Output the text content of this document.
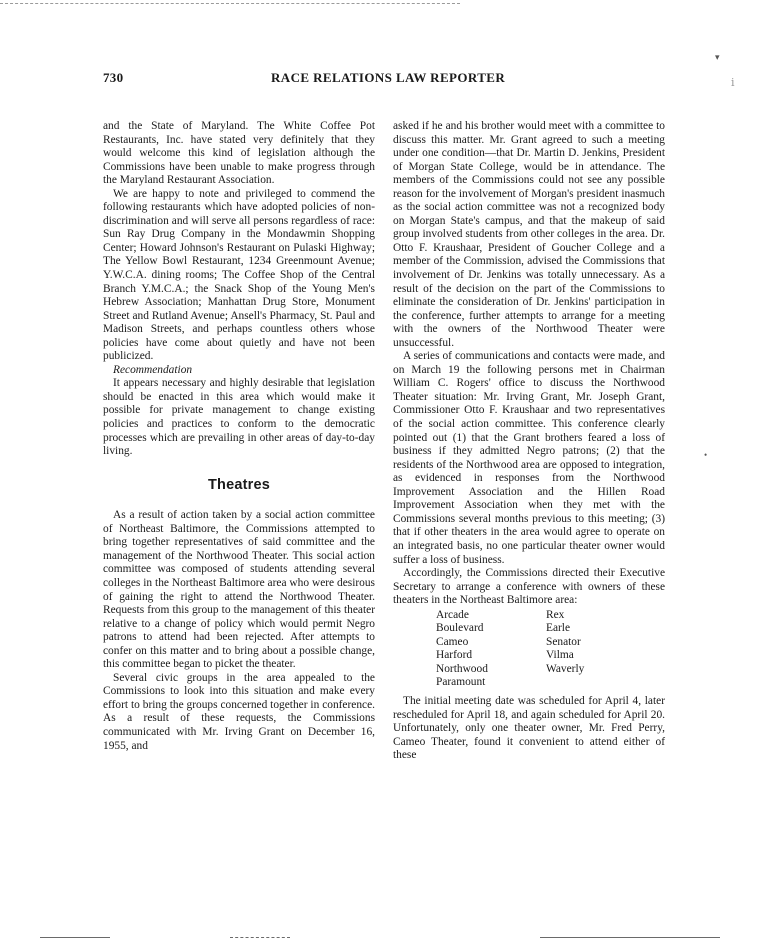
▾
ⅰ
•
730	RACE RELATIONS LAW REPORTER

and the State of Maryland. The White Coffee Pot Restaurants, Inc. have stated very definitely that they would welcome this kind of legislation although the Commissions have been unable to make progress through the Maryland Restaurant Association.

We are happy to note and privileged to commend the following restaurants which have adopted policies of non-discrimination and will serve all persons regardless of race: Sun Ray Drug Company in the Mondawmin Shopping Center; Howard Johnson's Restaurant on Pulaski Highway; The Yellow Bowl Restaurant, 1234 Greenmount Avenue; Y.W.C.A. dining rooms; The Coffee Shop of the Central Branch Y.M.C.A.; the Snack Shop of the Young Men's Hebrew Association; Manhattan Drug Store, Monument Street and Rutland Avenue; Ansell's Pharmacy, St. Paul and Madison Streets, and perhaps countless others whose policies have come about quietly and have not been publicized.

Recommendation

It appears necessary and highly desirable that legislation should be enacted in this area which would make it possible for private management to change existing policies and practices to conform to the democratic processes which are prevailing in other areas of day-to-day living.

Theatres

As a result of action taken by a social action committee of Northeast Baltimore, the Commissions attempted to bring together representatives of said committee and the management of the Northwood Theater. This social action committee was composed of students attending several colleges in the Northeast Baltimore area who were desirous of gaining the right to attend the Northwood Theater. Requests from this group to the management of this theater relative to a change of policy which would permit Negro patrons to attend had been rejected. After attempts to confer on this matter and to bring about a possible change, this committee began to picket the theater.

Several civic groups in the area appealed to the Commissions to look into this situation and make every effort to bring the groups concerned together in conference. As a result of these requests, the Commissions communicated with Mr. Irving Grant on December 16, 1955, and

asked if he and his brother would meet with a committee to discuss this matter. Mr. Grant agreed to such a meeting under one condition—that Dr. Martin D. Jenkins, President of Morgan State College, would be in attendance. The members of the Commissions could not see any possible reason for the involvement of Morgan's president inasmuch as the social action committee was not a recognized body on Morgan State's campus, and that the makeup of said group involved students from other colleges in the area. Dr. Otto F. Kraushaar, President of Goucher College and a member of the Commission, advised the Commissions that involvement of Dr. Jenkins was totally unnecessary. As a result of the decision on the part of the Commissions to eliminate the consideration of Dr. Jenkins' participation in the conference, further attempts to arrange for a meeting with the owners of the Northwood Theater were unsuccessful.

A series of communications and contacts were made, and on March 19 the following persons met in Chairman William C. Rogers' office to discuss the Northwood Theater situation: Mr. Irving Grant, Mr. Joseph Grant, Commissioner Otto F. Kraushaar and two representatives of the social action committee. This conference clearly pointed out (1) that the Grant brothers feared a loss of business if they admitted Negro patrons; (2) that the residents of the Northwood area are opposed to integration, as evidenced in responses from the Northwood Improvement Association and the Hillen Road Improvement Association when they met with the Commissions several months previous to this meeting; (3) that if other theaters in the area would agree to operate on an integrated basis, no one particular theater owner would suffer a loss of business.

Accordingly, the Commissions directed their Executive Secretary to arrange a conference with owners of these theaters in the Northeast Baltimore area:

Arcade	Rex
Boulevard	Earle
Cameo	Senator
Harford	Vilma
Northwood	Waverly
Paramount

The initial meeting date was scheduled for April 4, later rescheduled for April 18, and again scheduled for April 20. Unfortunately, only one theater owner, Mr. Fred Perry, Cameo Theater, found it convenient to attend either of these
